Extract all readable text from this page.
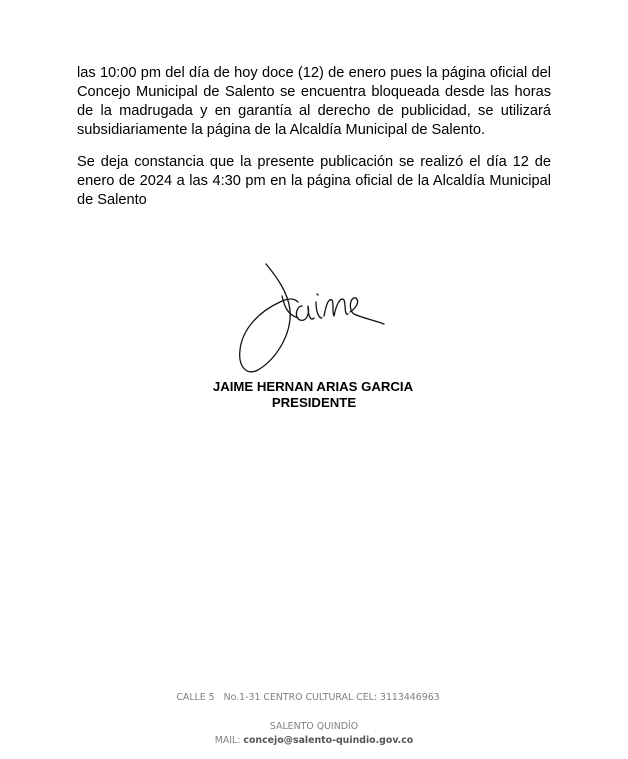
las 10:00 pm del día de hoy doce (12) de enero pues la página oficial del Concejo Municipal de Salento se encuentra bloqueada desde las horas de la madrugada y en garantía al derecho de publicidad, se utilizará subsidiariamente la página de la Alcaldía Municipal de Salento.

Se deja constancia que la presente publicación se realizó el día 12 de enero de 2024 a las 4:30 pm en la página oficial de la Alcaldía Municipal de Salento

JAIME HERNAN ARIAS GARCIA
PRESIDENTE
CALLE 5   No.1-31 CENTRO CULTURAL CEL: 3113446963
SALENTO QUINDÍO
MAIL: concejo@salento-quindio.gov.co
